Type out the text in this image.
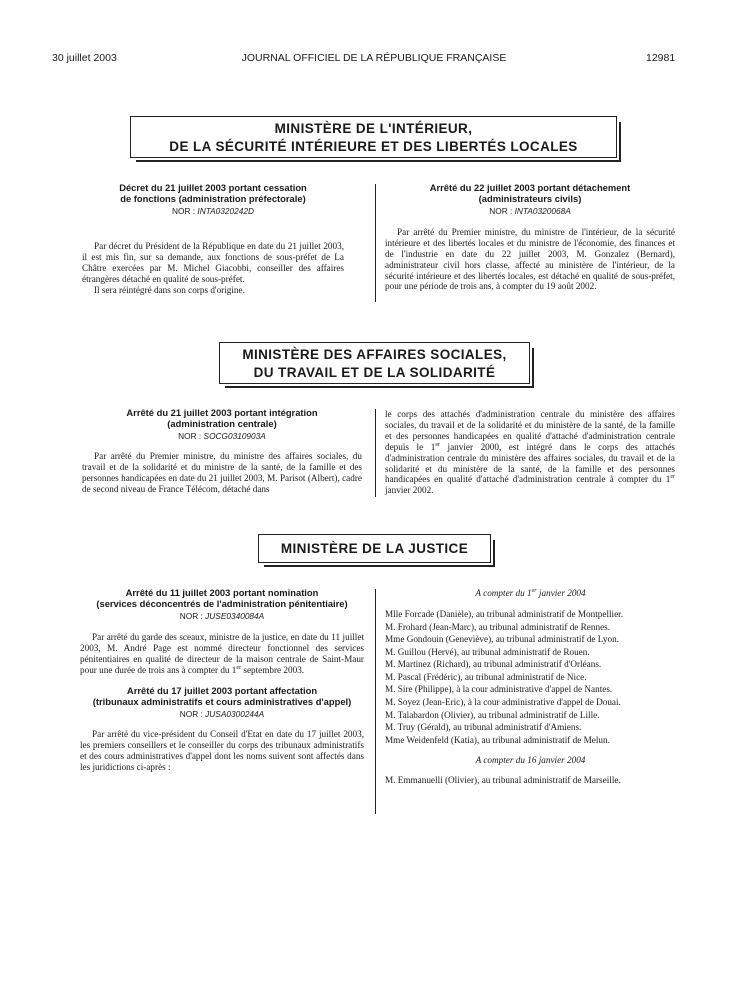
30 juillet 2003	JOURNAL OFFICIEL DE LA RÉPUBLIQUE FRANÇAISE	12981
MINISTÈRE DE L'INTÉRIEUR,
DE LA SÉCURITÉ INTÉRIEURE ET DES LIBERTÉS LOCALES
Décret du 21 juillet 2003 portant cessation
de fonctions (administration préfectorale)
NOR : INTA0320242D

Par décret du Président de la République en date du 21 juillet 2003, il est mis fin, sur sa demande, aux fonctions de sous-préfet de La Châtre exercées par M. Michel Giacobbi, conseiller des affaires étrangères détaché en qualité de sous-préfet.

Il sera réintégré dans son corps d'origine.

Arrêté du 22 juillet 2003 portant détachement
(administrateurs civils)
NOR : INTA0320068A

Par arrêté du Premier ministre, du ministre de l'intérieur, de la sécurité intérieure et des libertés locales et du ministre de l'économie, des finances et de l'industrie en date du 22 juillet 2003, M. Gonzalez (Bernard), administrateur civil hors classe, affecté au ministère de l'intérieur, de la sécurité intérieure et des libertés locales, est détaché en qualité de sous-préfet, pour une période de trois ans, à compter du 19 août 2002.

MINISTÈRE DES AFFAIRES SOCIALES,
DU TRAVAIL ET DE LA SOLIDARITÉ
Arrêté du 21 juillet 2003 portant intégration
(administration centrale)
NOR : SOCG0310903A

Par arrêté du Premier ministre, du ministre des affaires sociales, du travail et de la solidarité et du ministre de la santé, de la famille et des personnes handicapées en date du 21 juillet 2003, M. Parisot (Albert), cadre de second niveau de France Télécom, détaché dans

le corps des attachés d'administration centrale du ministère des affaires sociales, du travail et de la solidarité et du ministère de la santé, de la famille et des personnes handicapées en qualité d'attaché d'administration centrale depuis le 1er janvier 2000, est intégré dans le corps des attachés d'administration centrale du ministère des affaires sociales, du travail et de la solidarité et du ministère de la santé, de la famille et des personnes handicapées en qualité d'attaché d'administration centrale à compter du 1er janvier 2002.

MINISTÈRE DE LA JUSTICE
Arrêté du 11 juillet 2003 portant nomination
(services déconcentrés de l'administration pénitentiaire)
NOR : JUSE0340084A

Par arrêté du garde des sceaux, ministre de la justice, en date du 11 juillet 2003, M. André Page est nommé directeur fonctionnel des services pénitentiaires en qualité de directeur de la maison centrale de Saint-Maur pour une durée de trois ans à compter du 1er septembre 2003.

Arrêté du 17 juillet 2003 portant affectation
(tribunaux administratifs et cours administratives d'appel)
NOR : JUSA0300244A

Par arrêté du vice-président du Conseil d'Etat en date du 17 juillet 2003, les premiers conseillers et le conseiller du corps des tribunaux administratifs et des cours administratives d'appel dont les noms suivent sont affectés dans les juridictions ci-après :

A compter du 1er janvier 2004

Mlle Forcade (Danièle), au tribunal administratif de Montpellier.

M. Frohard (Jean-Marc), au tribunal administratif de Rennes.

Mme Gondouin (Geneviève), au tribunal administratif de Lyon.

M. Guillou (Hervé), au tribunal administratif de Rouen.

M. Martinez (Richard), au tribunal administratif d'Orléans.

M. Pascal (Frédéric), au tribunal administratif de Nice.

M. Sire (Philippe), à la cour administrative d'appel de Nantes.

M. Soyez (Jean-Eric), à la cour administrative d'appel de Douai.

M. Talabardon (Olivier), au tribunal administratif de Lille.

M. Truy (Gérald), au tribunal administratif d'Amiens.

Mme Weidenfeld (Katia), au tribunal administratif de Melun.

A compter du 16 janvier 2004

M. Emmanuelli (Olivier), au tribunal administratif de Marseille.
